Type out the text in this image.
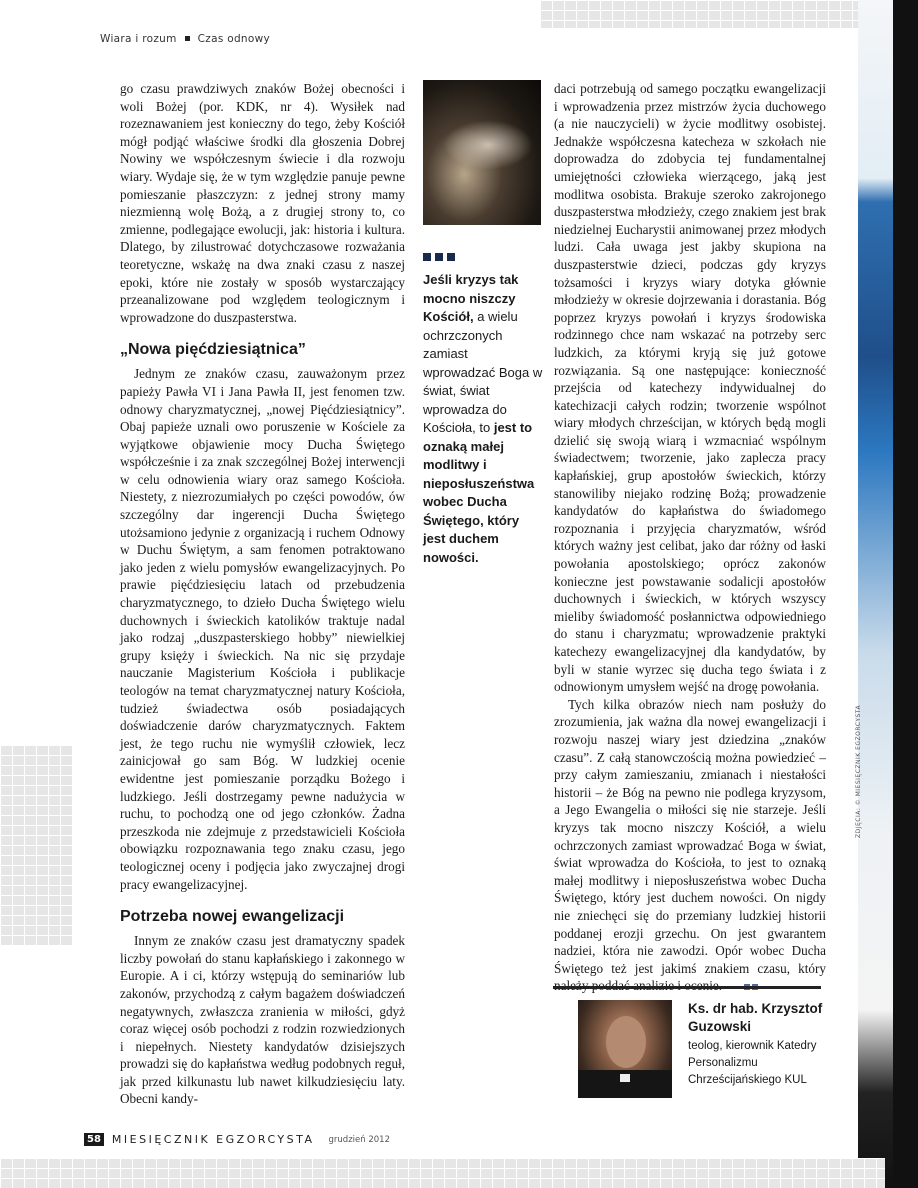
Wiara i rozum Czas odnowy

go czasu prawdziwych znaków Bożej obecności i woli Bożej (por. KDK, nr 4). Wysiłek nad rozeznawaniem jest konieczny do tego, żeby Kościół mógł podjąć właściwe środki dla głoszenia Dobrej Nowiny we współczesnym świecie i dla rozwoju wiary. Wydaje się, że w tym względzie panuje pewne pomieszanie płaszczyzn: z jednej strony mamy niezmienną wolę Bożą, a z drugiej strony to, co zmienne, podlegające ewolucji, jak: historia i kultura. Dlatego, by zilustrować dotychczasowe rozważania teoretyczne, wskażę na dwa znaki czasu z naszej epoki, które nie zostały w sposób wystarczający przeanalizowane pod względem teologicznym i wprowadzone do duszpasterstwa.

„Nowa pięćdziesiątnica”

Jednym ze znaków czasu, zauważonym przez papieży Pawła VI i Jana Pawła II, jest fenomen tzw. odnowy charyzmatycznej, „nowej Pięćdziesiątnicy”. Obaj papieże uznali owo poruszenie w Kościele za wyjątkowe objawienie mocy Ducha Świętego współcześnie i za znak szczególnej Bożej interwencji w celu odnowienia wiary oraz samego Kościoła. Niestety, z niezrozumiałych po części powodów, ów szczególny dar ingerencji Ducha Świętego utożsamiono jedynie z organizacją i ruchem Odnowy w Duchu Świętym, a sam fenomen potraktowano jako jeden z wielu pomysłów ewangelizacyjnych. Po prawie pięćdziesięciu latach od przebudzenia charyzmatycznego, to dzieło Ducha Świętego wielu duchownych i świeckich katolików traktuje nadal jako rodzaj „duszpasterskiego hobby” niewielkiej grupy księży i świeckich. Na nic się przydaje nauczanie Magisterium Kościoła i publikacje teologów na temat charyzmatycznej natury Kościoła, tudzież świadectwa osób posiadających doświadczenie darów charyzmatycznych. Faktem jest, że tego ruchu nie wymyślił człowiek, lecz zainicjował go sam Bóg. W ludzkiej ocenie ewidentne jest pomieszanie porządku Bożego i ludzkiego. Jeśli dostrzegamy pewne nadużycia w ruchu, to pochodzą one od jego członków. Żadna przeszkoda nie zdejmuje z przedstawicieli Kościoła obowiązku rozpoznawania tego znaku czasu, jego teologicznej oceny i podjęcia jako zwyczajnej drogi pracy ewangelizacyjnej.

Potrzeba nowej ewangelizacji

Innym ze znaków czasu jest dramatyczny spadek liczby powołań do stanu kapłańskiego i zakonnego w Europie. A i ci, którzy wstępują do seminariów lub zakonów, przychodzą z całym bagażem doświadczeń negatywnych, zwłaszcza zranienia w miłości, gdyż coraz więcej osób pochodzi z rodzin rozwiedzionych i niepełnych. Niestety kandydatów dzisiejszych prowadzi się do kapłaństwa według podobnych reguł, jak przed kilkunastu lub nawet kilkudziesięciu laty. Obecni kandy-

Jeśli kryzys tak mocno niszczy Kościół, a wielu ochrzczonych zamiast wprowadzać Boga w świat, świat wprowadza do Kościoła, to jest to oznaką małej modlitwy i nieposłuszeństwa wobec Ducha Świętego, który jest duchem nowości.

daci potrzebują od samego początku ewangelizacji i wprowadzenia przez mistrzów życia duchowego (a nie nauczycieli) w życie modlitwy osobistej. Jednakże współczesna katecheza w szkołach nie doprowadza do zdobycia tej fundamentalnej umiejętności człowieka wierzącego, jaką jest modlitwa osobista. Brakuje szeroko zakrojonego duszpasterstwa młodzieży, czego znakiem jest brak niedzielnej Eucharystii animowanej przez młodych ludzi. Cała uwaga jest jakby skupiona na duszpasterstwie dzieci, podczas gdy kryzys tożsamości i kryzys wiary dotyka głównie młodzieży w okresie dojrzewania i dorastania. Bóg poprzez kryzys powołań i kryzys środowiska rodzinnego chce nam wskazać na potrzeby serc ludzkich, za którymi kryją się już gotowe rozwiązania. Są one następujące: konieczność przejścia od katechezy indywidualnej do katechizacji całych rodzin; tworzenie wspólnot wiary młodych chrześcijan, w których będą mogli dzielić się swoją wiarą i wzmacniać wspólnym świadectwem; tworzenie, jako zaplecza pracy kapłańskiej, grup apostołów świeckich, którzy stanowiliby niejako rodzinę Bożą; prowadzenie kandydatów do kapłaństwa do świadomego rozpoznania i przyjęcia charyzmatów, wśród których ważny jest celibat, jako dar różny od łaski powołania apostolskiego; oprócz zakonów konieczne jest powstawanie sodalicji apostołów duchownych i świeckich, w których wszyscy mieliby świadomość posłannictwa odpowiedniego do stanu i charyzmatu; wprowadzenie praktyki katechezy ewangelizacyjnej dla kandydatów, by byli w stanie wyrzec się ducha tego świata i z odnowionym umysłem wejść na drogę powołania.

Tych kilka obrazów niech nam posłuży do zrozumienia, jak ważna dla nowej ewangelizacji i rozwoju naszej wiary jest dziedzina „znaków czasu”. Z całą stanowczością można powiedzieć – przy całym zamieszaniu, zmianach i niestałości historii – że Bóg na pewno nie podlega kryzysom, a Jego Ewangelia o miłości się nie starzeje. Jeśli kryzys tak mocno niszczy Kościół, a wielu ochrzczonych zamiast wprowadzać Boga w świat, świat wprowadza do Kościoła, to jest to oznaką małej modlitwy i nieposłuszeństwa wobec Ducha Świętego, który jest duchem nowości. On nigdy nie zniechęci się do przemiany ludzkiej historii poddanej erozji grzechu. On jest gwarantem nadziei, która nie zawodzi. Opór wobec Ducha Świętego też jest jakimś znakiem czasu, który

Ks. dr hab. Krzysztof Guzowski
teolog, kierownik Katedry Personalizmu Chrześcijańskiego KUL
ZDJĘCIA: © MIESIĘCZNIK EGZORCYSTA
58 MIESIĘCZNIK EGZORCYSTA grudzień 2012
